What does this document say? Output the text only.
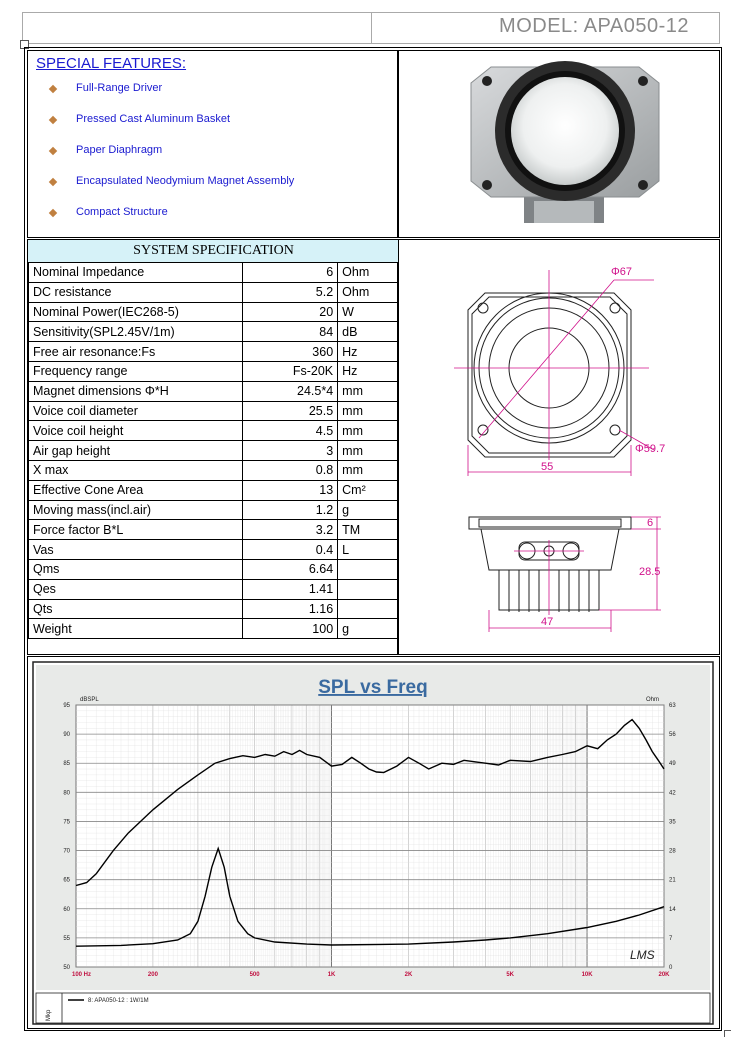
MODEL: APA050-12
SPECIAL FEATURES:
Full-Range Driver
Pressed Cast Aluminum Basket
Paper Diaphragm
Encapsulated Neodymium Magnet Assembly
Compact Structure
SYSTEM SPECIFICATION
Nominal Impedance	6	Ohm
DC resistance	5.2	Ohm
Nominal Power(IEC268-5)	20	W
Sensitivity(SPL2.45V/1m)	84	dB
Free air resonance:Fs	360	Hz
Frequency range	Fs-20K	Hz
Magnet dimensions Φ*H	24.5*4	mm
Voice coil diameter	25.5	mm
Voice coil height	4.5	mm
Air gap height	3	mm
X max	0.8	mm
Effective Cone Area	13	Cm²
Moving mass(incl.air)	1.2	g
Force factor B*L	3.2	TM
Vas	0.4	L
Qms	6.64	
Qes	1.41	
Qts	1.16	
Weight	100	g
Φ67
Φ59.7
55
6
28.5
47
50
55
60
65
70
75
80
85
90
95
0
7
14
21
28
35
42
49
56
63
100 Hz	200	500	1K	2K	5K	10K	20K
SPL vs Freq
dBSPL	Ohm
LMS
Mkp
8: APA050-12 : 1W/1M
